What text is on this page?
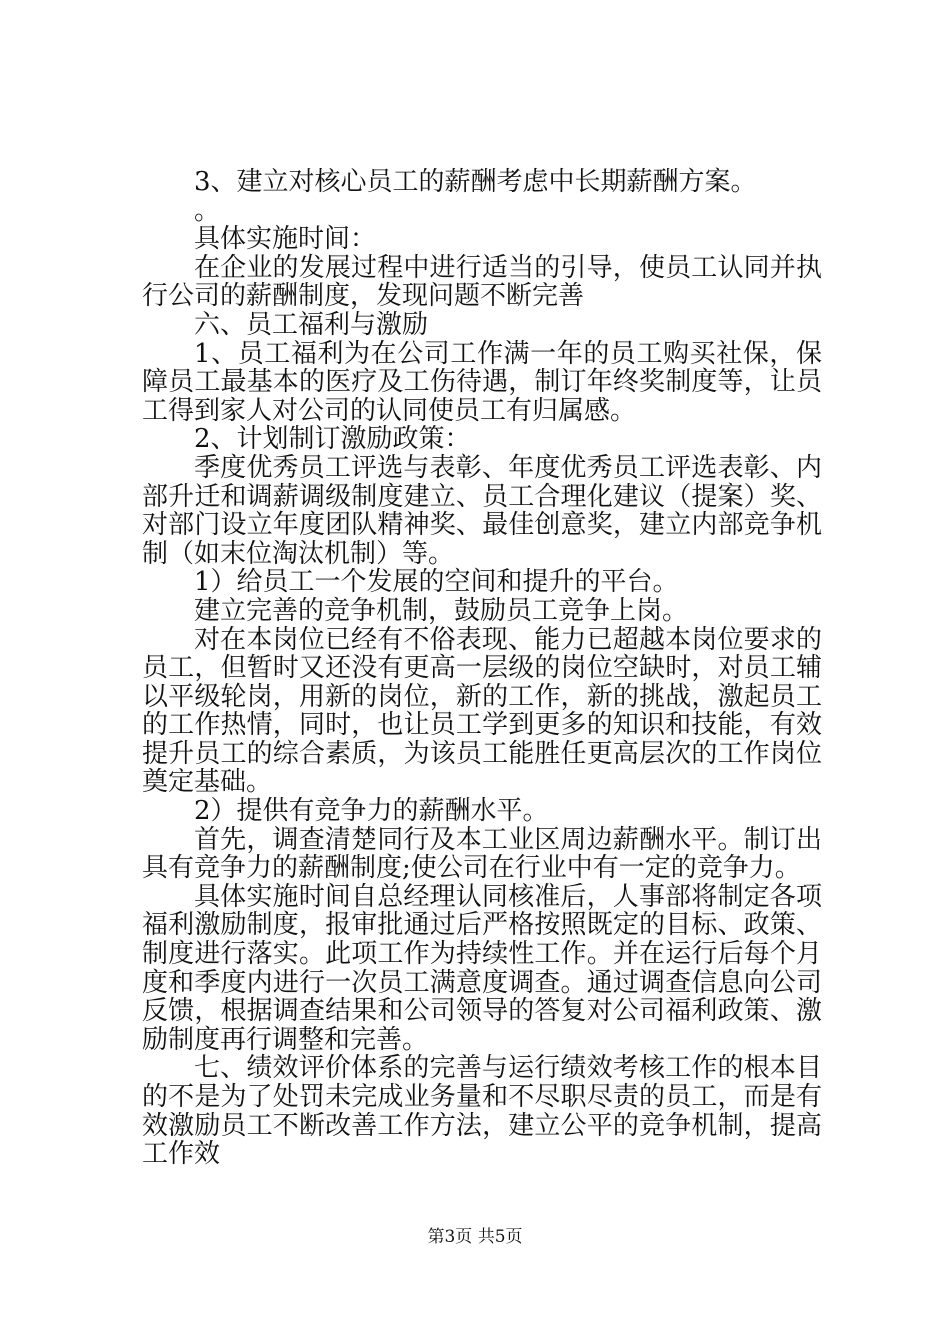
3、建立对核心员工的薪酬考虑中长期薪酬方案。

。

具体实施时间：

在企业的发展过程中进行适当的引导，使员工认同并执行公司的薪酬制度，发现问题不断完善

六、员工福利与激励

1、员工福利为在公司工作满一年的员工购买社保，保障员工最基本的医疗及工伤待遇，制订年终奖制度等，让员工得到家人对公司的认同使员工有归属感。

2、计划制订激励政策：

季度优秀员工评选与表彰、年度优秀员工评选表彰、内部升迁和调薪调级制度建立、员工合理化建议（提案）奖、对部门设立年度团队精神奖、最佳创意奖，建立内部竞争机制（如末位淘汰机制）等。

1）给员工一个发展的空间和提升的平台。

建立完善的竞争机制，鼓励员工竞争上岗。

对在本岗位已经有不俗表现、能力已超越本岗位要求的员工，但暂时又还没有更高一层级的岗位空缺时，对员工辅以平级轮岗，用新的岗位，新的工作，新的挑战，激起员工的工作热情，同时，也让员工学到更多的知识和技能，有效提升员工的综合素质，为该员工能胜任更高层次的工作岗位奠定基础。

2）提供有竞争力的薪酬水平。

首先，调查清楚同行及本工业区周边薪酬水平。制订出具有竞争力的薪酬制度;使公司在行业中有一定的竞争力。

具体实施时间自总经理认同核准后，人事部将制定各项福利激励制度，报审批通过后严格按照既定的目标、政策、制度进行落实。此项工作为持续性工作。并在运行后每个月度和季度内进行一次员工满意度调查。通过调查信息向公司反馈，根据调查结果和公司领导的答复对公司福利政策、激励制度再行调整和完善。

七、绩效评价体系的完善与运行绩效考核工作的根本目的不是为了处罚未完成业务量和不尽职尽责的员工，而是有效激励员工不断改善工作方法，建立公平的竞争机制，提高工作效

第3页 共5页
